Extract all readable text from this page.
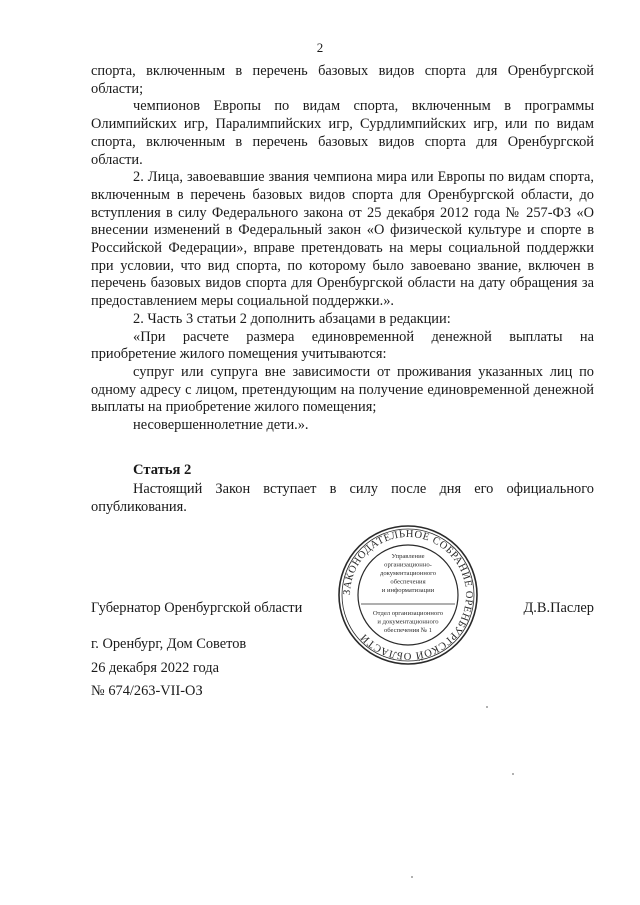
2

спорта, включенным в перечень базовых видов спорта для Оренбургской области;

чемпионов Европы по видам спорта, включенным в программы Олимпийских игр, Паралимпийских игр, Сурдлимпийских игр, или по видам спорта, включенным в перечень базовых видов спорта для Оренбургской области.

2. Лица, завоевавшие звания чемпиона мира или Европы по видам спорта, включенным в перечень базовых видов спорта для Оренбургской области, до вступления в силу Федерального закона от 25 декабря 2012 года № 257-ФЗ «О внесении изменений в Федеральный закон «О физической культуре и спорте в Российской Федерации», вправе претендовать на меры социальной поддержки при условии, что вид спорта, по которому было завоевано звание, включен в перечень базовых видов спорта для Оренбургской области на дату обращения за предоставлением меры социальной поддержки.».

2. Часть 3 статьи 2 дополнить абзацами в редакции:

«При расчете размера единовременной денежной выплаты на приобретение жилого помещения учитываются:

супруг или супруга вне зависимости от проживания указанных лиц по одному адресу с лицом, претендующим на получение единовременной денежной выплаты на приобретение жилого помещения;

несовершеннолетние дети.».

Статья 2
Настоящий Закон вступает в силу после дня его официального опубликования.
ЗАКОНОДАТЕЛЬНОЕ СОБРАНИЕ ОРЕНБУРГСКОЙ ОБЛАСТИ
Управление
организационно-
документационного
обеспечения
и информатизации
Отдел организационного
и документационного
обеспечения № 1
Губернатор Оренбургской области	Д.В.Паслер
г. Оренбург, Дом Советов
26 декабря 2022 года
№ 674/263-VII-ОЗ
